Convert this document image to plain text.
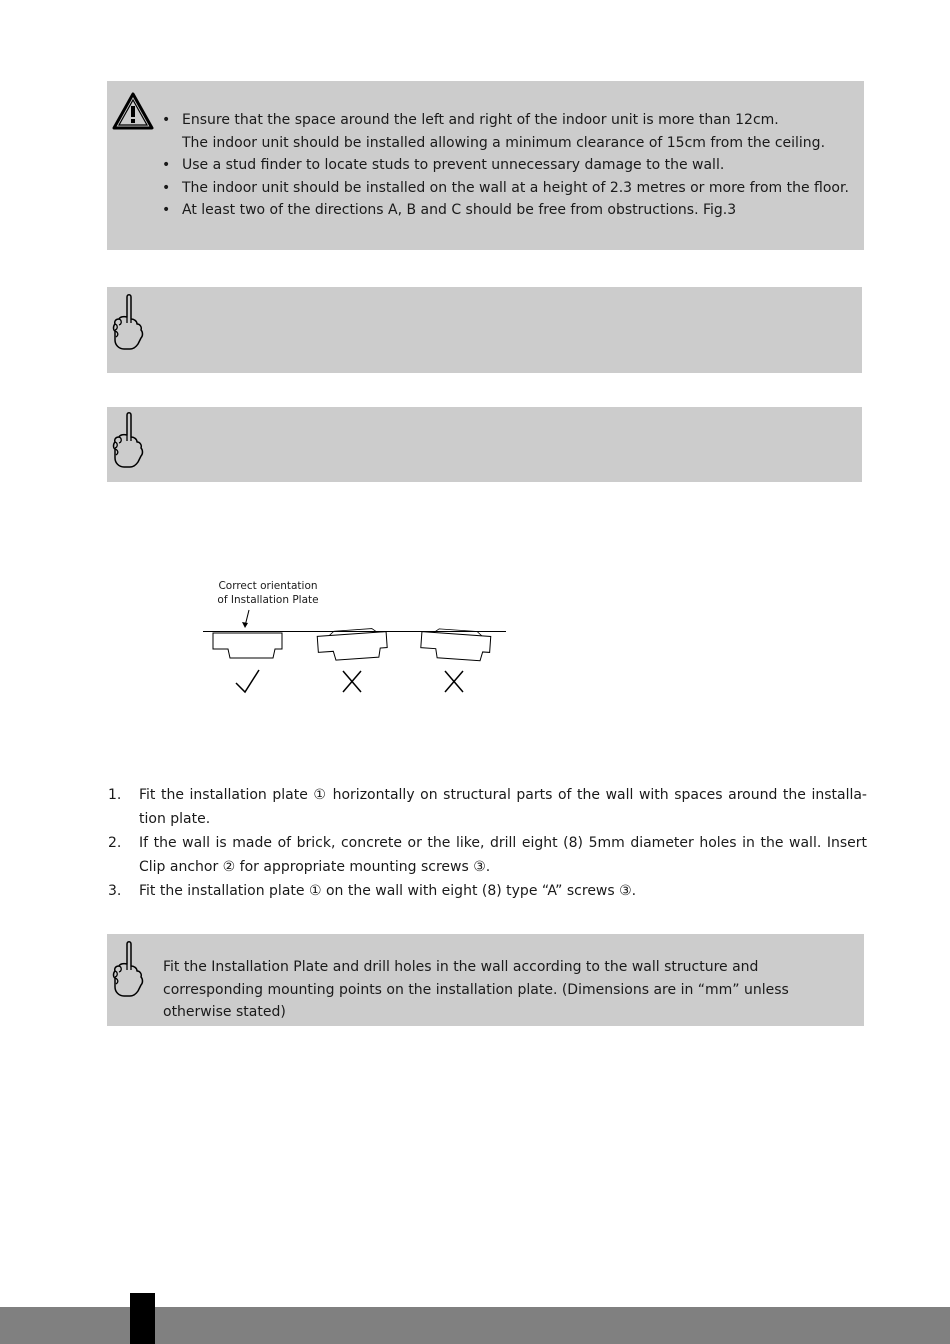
• Ensure that the space around the left and right of the indoor unit is more than 12cm.
The indoor unit should be installed allowing a minimum clearance of 15cm from the ceiling.
• Use a stud finder to locate studs to prevent unnecessary damage to the wall.
• The indoor unit should be installed on the wall at a height of 2.3 metres or more from the floor.
• At least two of the directions A, B and C should be free from obstructions. Fig.3
Correct orientation
of Installation Plate
1. Fit the installation plate ① horizontally on structural parts of the wall with spaces around the installa-tion plate.
2. If the wall is made of brick, concrete or the like, drill eight (8) 5mm diameter holes in the wall. Insert Clip anchor ② for appropriate mounting screws ③.
3. Fit the installation plate ① on the wall with eight (8) type “A” screws ③.
Fit the Installation Plate and drill holes in the wall according to the wall structure and corresponding mounting points on the installation plate. (Dimensions are in “mm” unless otherwise stated)
